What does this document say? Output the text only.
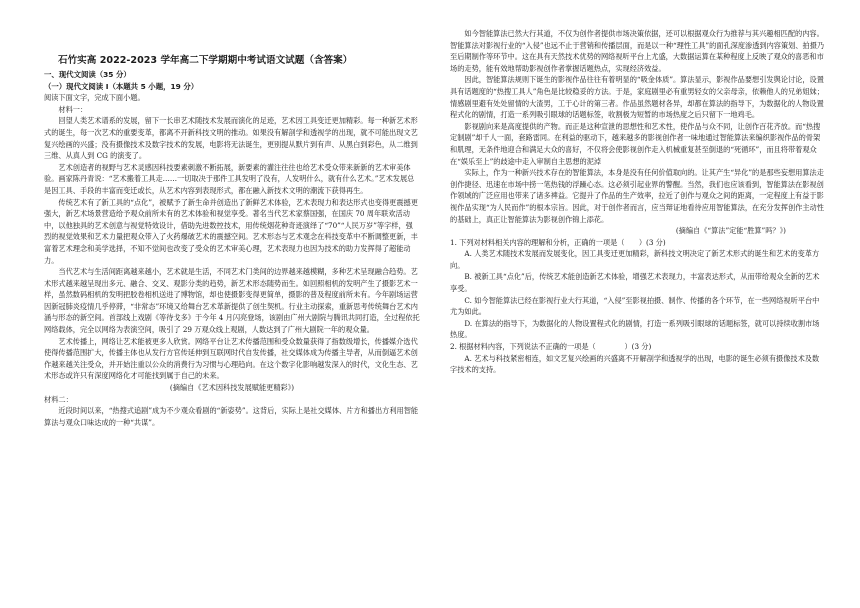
石竹实高 2022-2023 学年高二下学期期中考试语文试题（含答案）

一、现代文阅读（35 分）

（一）现代文阅读 I（本题共 5 小题，19 分）

阅读下面文字，完成下面小题。

材料一：

回望人类艺术谱系的发展，留下一长串艺术随技术发展而演化的足迹，艺术因工具变迁更加精彩。每一种新艺术形式的诞生，每一次艺术的重要变革，都离不开新科技文明的推动。如果没有解剖学和透视学的出现，就不可能出现文艺复兴绘画的兴盛；没有摄像技术及数字技术的发展，电影将无法诞生，更别提从默片到有声、从黑白到彩色，从二维到三维、从真人到 CG 的演变了。

艺术创造者的视野与艺术灵感因科技要素刺激不断拓展，新要素的灌注往往也给艺术受众带来新新的艺术审美体验。画家陈丹青说：“艺术搬着工具走……一切取决于那件工具发明了没有，人发明什么，就有什么艺术。”艺术发展总是因工具、手段的丰富而变迁或长，从艺术内容到表现形式，都在融入新技术文明的潮流下获得再生。

传统艺术有了新工具的“点化”，被赋予了新生命并创造出了新鲜艺术体验，艺术表现力和表达形式也变得更震撼更强大，新艺术场景营造给予观众前所未有的艺术体验和视觉享受。著名当代艺术家蔡国强，在国庆 70 周年联欢活动中，以他独具的艺术创意与视觉特效设计，借助先进数控技术，用传统烟花种奇迹演绎了“70”“人民万岁”等字样，强烈的视觉效果和艺术力量把观众带入了火药爆破艺术的震撼空间。艺术形态与艺术观念在科技变革中不断调整更新，丰富着艺术理念和美学选择，不知不觉间也改变了受众的艺术审美心理，艺术表现力也因为技术的助力发挥得了超能动力。

当代艺术与生活间距离越来越小，艺术就是生活，不同艺术门类间的边界越来越模糊，多种艺术呈现融合趋势。艺术形式越来越呈现出多元、融合、交叉、观影分类的趋势，新艺术形态随势而生。如回照相机的发明产生了摄影艺术一样，虽然数码相机的发明把胶卷相机送进了博物馆，却也使摄影变得更简单，摄影的普及程度前所未有。今年剧场运营因新冠肺炎疫情几乎停滞，“非常态”环境又给舞台艺术革新提供了创生契机。行业主动探索，重新思考传统舞台艺术内涵与形态的新空间。首部线上戏剧《等待戈多》于今年 4 月闪亮登场，该剧由广州大剧院与腾讯共同打造，全过程依托网络载体，完全以网络为表演空间，吸引了 29 万观众线上观剧，人数达到了广州大剧院一年的观众量。

艺术传播上，网络让艺术能被更多人欣赏。网络平台让艺术传播范围和受众数量获得了指数级增长，传播媒介选代使得传播范围扩大，传播主体也从发行方官传延伸到互联网时代自发传播，社交媒体成为传播主导者，从而倒逼艺术创作越来越关注受众，并开始注重以公众的消费行为习惯与心理趋向。在这个数字化影响越发深入的时代，文化生态、艺术形态或许只有深度网络化才可能找到属于自己的未来。

(摘编自《艺术因科技发展赋能更精彩》)

材料二：

近段时间以来，“热搜式追剧”成为不少观众看剧的“新姿势”。这背后，实际上是社交媒体、片方和播出方利用智能算法与观众口味达成的一种“共谋”。

如今智能算法已然大行其道，不仅为创作者提供市场决策依据，还可以根据观众行为推荐与其兴趣相匹配的内容。智能算法对影视行业的“入侵”也远不止于营销和传播层面，而是以一种“理性工具”的面孔深度渗透到内容策划、拍摄乃至后期制作等环节中。这在具有天然技术优势的网络视听平台上尤盛，大数据运算在某种程度上反映了观众的喜恶和市场的走势，能有效地帮助影视创作者掌握话题热点，实现经济效益。

因此，智能算法规则下诞生的影视作品往往有着明显的“吸金体质”。算法显示，影视作品要想引发舆论讨论，设置具有话题度的“热搜工具人”角色是比较稳妥的方法。于是，家庭剧里必有重男轻女的父亲母亲，依赖他人的兄弟姐妹；情感剧里避有处处留情的大渣男，工于心计的第三者。作品虽然题材各异，却都在算法的指导下，为数据化的人物设置程式化的剧情，打造一系列吸引眼球的话题标签，收割极为短暂的市场热度之后只留下一地鸡毛。

影视剧向来是高度提供的产物。而正是这种宣泄的思想性和艺术性，使作品与众不同，让创作百花齐放。而“热搜定制剧”却千人一面，套路雷同。在利益的驱动下，越来越多的影视创作者一味地通过智能算法来编织影视作品的骨架和肌理，无条件地迎合和满足大众的喜好，不仅将会使影视创作走入机械重复甚至倒退的“死循环”，而且将带着观众在“娱乐至上”的歧途中走入审制自主思想的泥淖

实际上，作为一种新兴技术存在的智能算法，本身是没有任何价值取向的。让其产生“异化”的是那些妄想用算法走创作捷径、迅速在市场中捞一笔热钱的浮躁心态。这必须引起业界的警醒。当然，我们也应该看到，智能算法在影视创作领域的广泛应用也带来了诸多裨益。它提升了作品的生产效率，拉近了创作与观众之间的距离，一定程度上有益于影视作品实现“为人民而作”的根本宗旨。因此，对于创作者而言，应当辩证地看待应用智能算法，在充分发挥创作主动性的基础上，真正让智能算法为影视创作锦上添花。

(摘编自《“算法”定能“胜算”吗？》)

1. 下列对材料相关内容的理解和分析，正确的一项是（　　）(3 分)

A. 人类艺术随技术发展而发展变化，因工具变迁更加精彩，新科技文明决定了新艺术形式的诞生和艺术的变革方向。

B. 被新工具“点化”后，传统艺术能创造新艺术体验，增强艺术表现力，丰富表达形式，从而带给观众全新的艺术享受。

C. 如今智能算法已经在影视行业大行其道，“入侵”至影视拍摄、制作、传播的各个环节，在一些网络视听平台中尤为如此。

D. 在算法的指导下，为数据化的人物设置程式化的剧情，打造一系列吸引眼球的话题标签，就可以持续收割市场热度。

2. 根据材料内容，下列说法不正确的一项是（　　　　）(3 分)

A. 艺术与科技紧密相连，如文艺复兴绘画的兴盛离不开解剖学和透视学的出现，电影的诞生必须有摄像技术及数字技术的支持。
